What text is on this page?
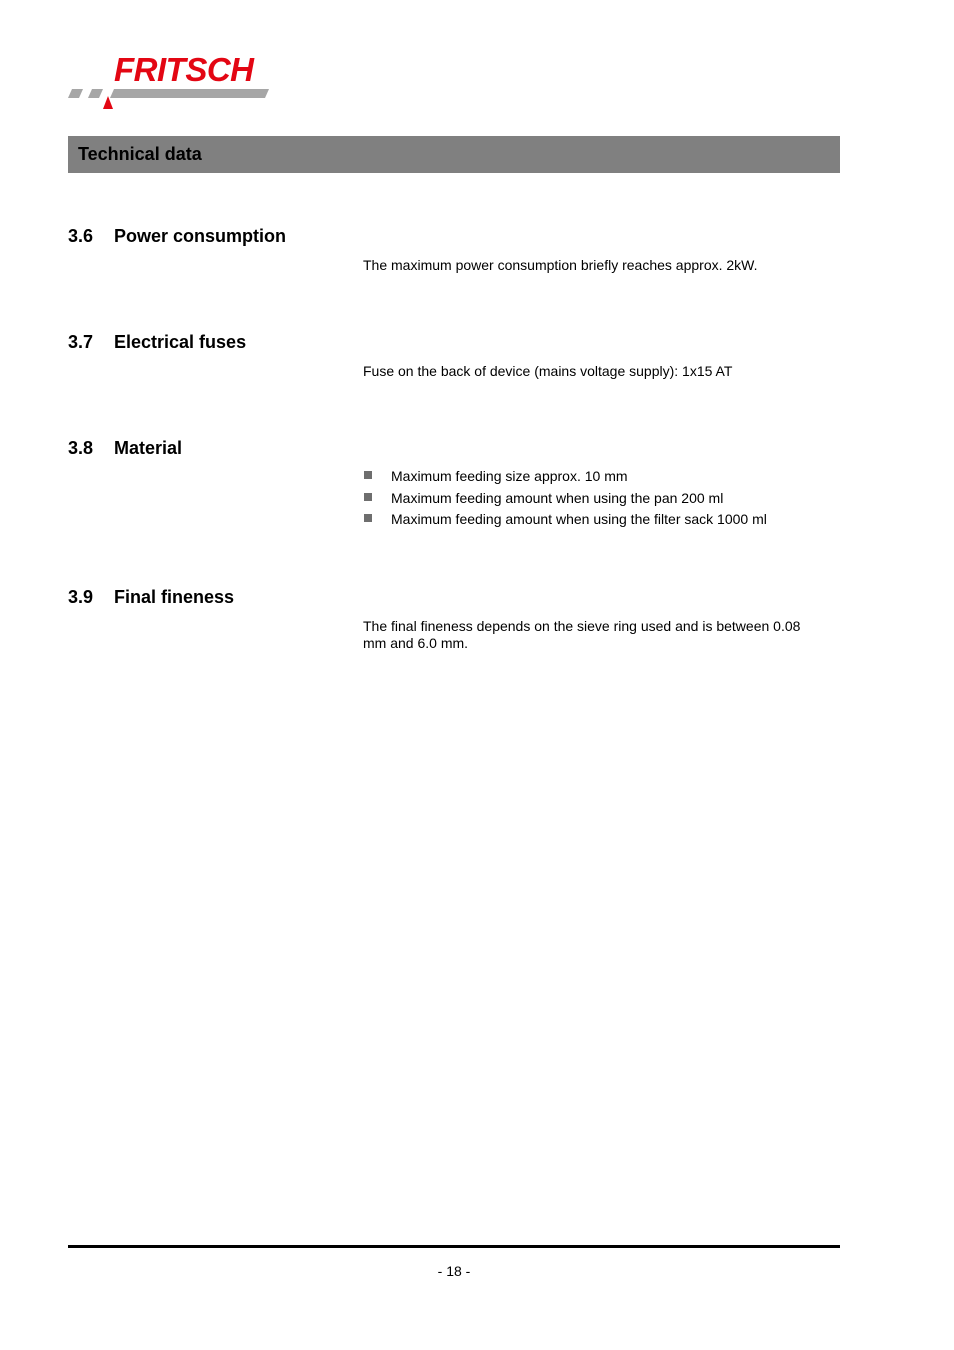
FRITSCH
Technical data
3.6 Power consumption
The maximum power consumption briefly reaches approx. 2kW.
3.7 Electrical fuses
Fuse on the back of device (mains voltage supply): 1x15 AT
3.8 Material
Maximum feeding size approx. 10 mm
Maximum feeding amount when using the pan 200 ml
Maximum feeding amount when using the filter sack 1000 ml
3.9 Final fineness
The final fineness depends on the sieve ring used and is between 0.08 mm and 6.0 mm.
- 18 -
